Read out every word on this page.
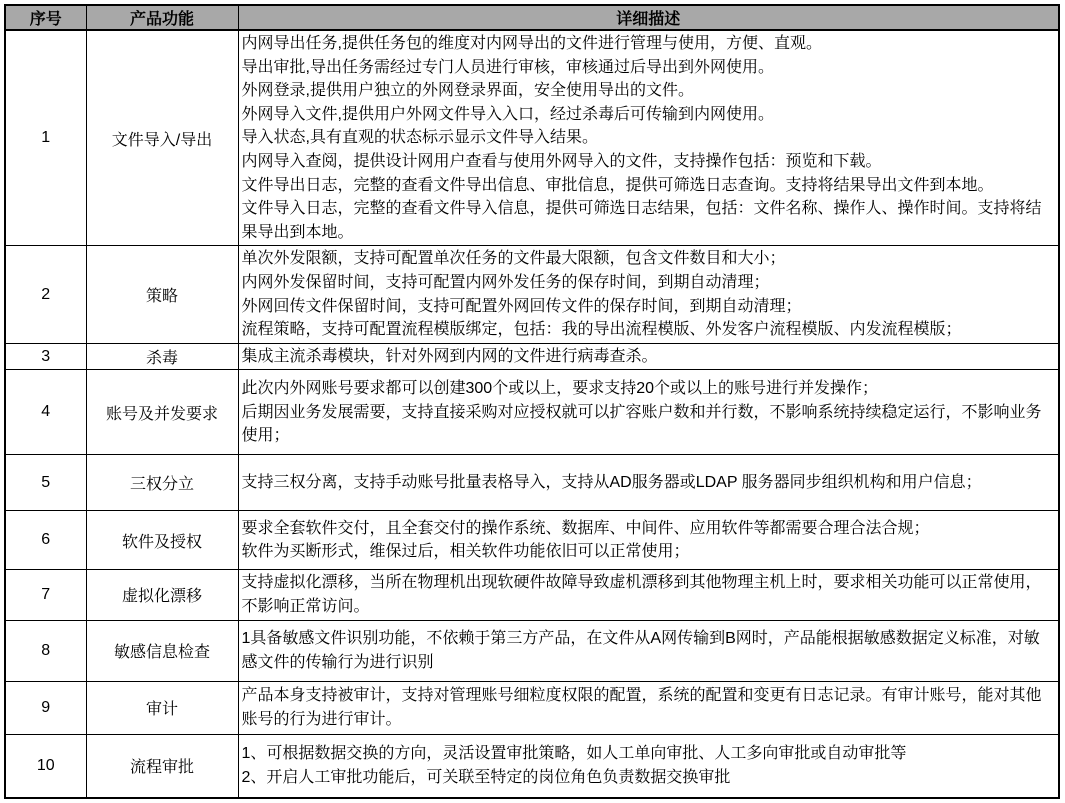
序号	产品功能	详细描述
1	文件导入/导出	
内网导出任务,提供任务包的维度对内网导出的文件进行管理与使用，方便、直观。
导出审批,导出任务需经过专门人员进行审核，审核通过后导出到外网使用。
外网登录,提供用户独立的外网登录界面，安全使用导出的文件。
外网导入文件,提供用户外网文件导入入口，经过杀毒后可传输到内网使用。
导入状态,具有直观的状态标示显示文件导入结果。
内网导入查阅，提供设计网用户查看与使用外网导入的文件，支持操作包括：预览和下载。
文件导出日志，完整的查看文件导出信息、审批信息，提供可筛选日志查询。支持将结果导出文件到本地。
文件导入日志，完整的查看文件导入信息，提供可筛选日志结果，包括：文件名称、操作人、操作时间。支持将结果导出到本地。

2	策略	单次外发限额，支持可配置单次任务的文件最大限额，包含文件数目和大小；
内网外发保留时间，支持可配置内网外发任务的保存时间，到期自动清理；
外网回传文件保留时间，支持可配置外网回传文件的保存时间，到期自动清理；
流程策略，支持可配置流程模版绑定，包括：我的导出流程模版、外发客户流程模版、内发流程模版；

3	杀毒	集成主流杀毒模块，针对外网到内网的文件进行病毒查杀。

4	账号及并发要求	此次内外网账号要求都可以创建300个或以上，要求支持20个或以上的账号进行并发操作；
后期因业务发展需要，支持直接采购对应授权就可以扩容账户数和并行数，不影响系统持续稳定运行，不影响业务使用；

5	三权分立	支持三权分离，支持手动账号批量表格导入，支持从AD服务器或LDAP 服务器同步组织机构和用户信息；

6	软件及授权	要求全套软件交付，且全套交付的操作系统、数据库、中间件、应用软件等都需要合理合法合规；
软件为买断形式，维保过后，相关软件功能依旧可以正常使用；

7	虚拟化漂移	支持虚拟化漂移，当所在物理机出现软硬件故障导致虚机漂移到其他物理主机上时，要求相关功能可以正常使用，不影响正常访问。

8	敏感信息检查	1具备敏感文件识别功能，不依赖于第三方产品，在文件从A网传输到B网时，产品能根据敏感数据定义标准，对敏感文件的传输行为进行识别

9	审计	产品本身支持被审计，支持对管理账号细粒度权限的配置，系统的配置和变更有日志记录。有审计账号，能对其他账号的行为进行审计。

10	流程审批	1、可根据数据交换的方向，灵活设置审批策略，如人工单向审批、人工多向审批或自动审批等
2、开启人工审批功能后，可关联至特定的岗位角色负责数据交换审批
